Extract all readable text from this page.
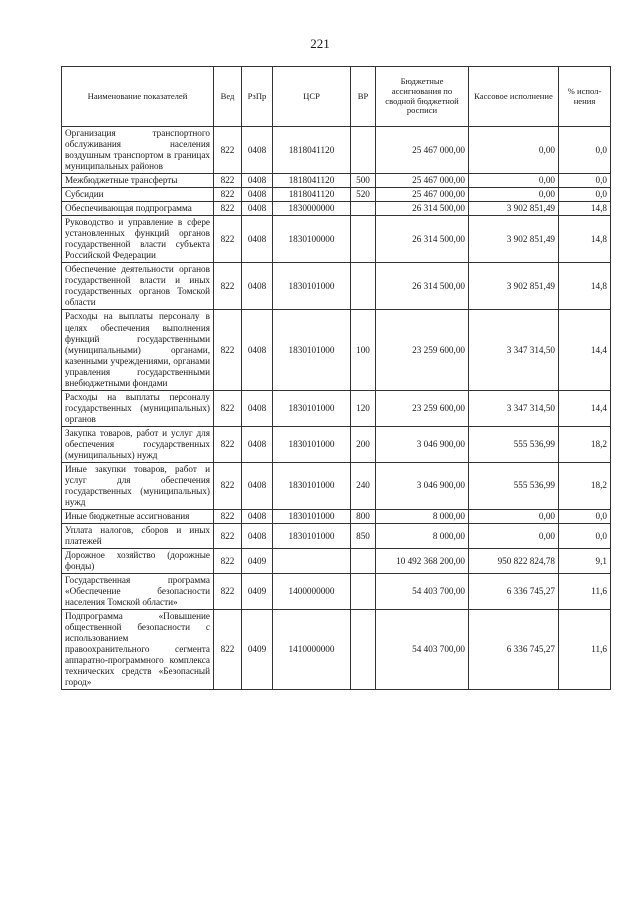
221
Наименование показателей	Вед	РзПр	ЦСР	ВР	Бюджетные ассигнования по сводной бюджетной росписи	Кассовое исполнение	% испол-нения
Организация транспортного обслуживания населения воздушным транспортом в границах муниципальных районов	822	0408	1818041120		25 467 000,00	0,00	0,0
Межбюджетные трансферты	822	0408	1818041120	500	25 467 000,00	0,00	0,0
Субсидии	822	0408	1818041120	520	25 467 000,00	0,00	0,0
Обеспечивающая подпрограмма	822	0408	1830000000		26 314 500,00	3 902 851,49	14,8
Руководство и управление в сфере установленных функций органов государственной власти субъекта Российской Федерации	822	0408	1830100000		26 314 500,00	3 902 851,49	14,8
Обеспечение деятельности органов государственной власти и иных государственных органов Томской области	822	0408	1830101000		26 314 500,00	3 902 851,49	14,8
Расходы на выплаты персоналу в целях обеспечения выполнения функций государственными (муниципальными) органами, казенными учреждениями, органами управления государственными внебюджетными фондами	822	0408	1830101000	100	23 259 600,00	3 347 314,50	14,4
Расходы на выплаты персоналу государственных (муниципальных) органов	822	0408	1830101000	120	23 259 600,00	3 347 314,50	14,4
Закупка товаров, работ и услуг для обеспечения государственных (муниципальных) нужд	822	0408	1830101000	200	3 046 900,00	555 536,99	18,2
Иные закупки товаров, работ и услуг для обеспечения государственных (муниципальных) нужд	822	0408	1830101000	240	3 046 900,00	555 536,99	18,2
Иные бюджетные ассигнования	822	0408	1830101000	800	8 000,00	0,00	0,0
Уплата налогов, сборов и иных платежей	822	0408	1830101000	850	8 000,00	0,00	0,0
Дорожное хозяйство (дорожные фонды)	822	0409			10 492 368 200,00	950 822 824,78	9,1
Государственная программа «Обеспечение безопасности населения Томской области»	822	0409	1400000000		54 403 700,00	6 336 745,27	11,6
Подпрограмма «Повышение общественной безопасности с использованием правоохранительного сегмента аппаратно-программного комплекса технических средств «Безопасный город»	822	0409	1410000000		54 403 700,00	6 336 745,27	11,6
